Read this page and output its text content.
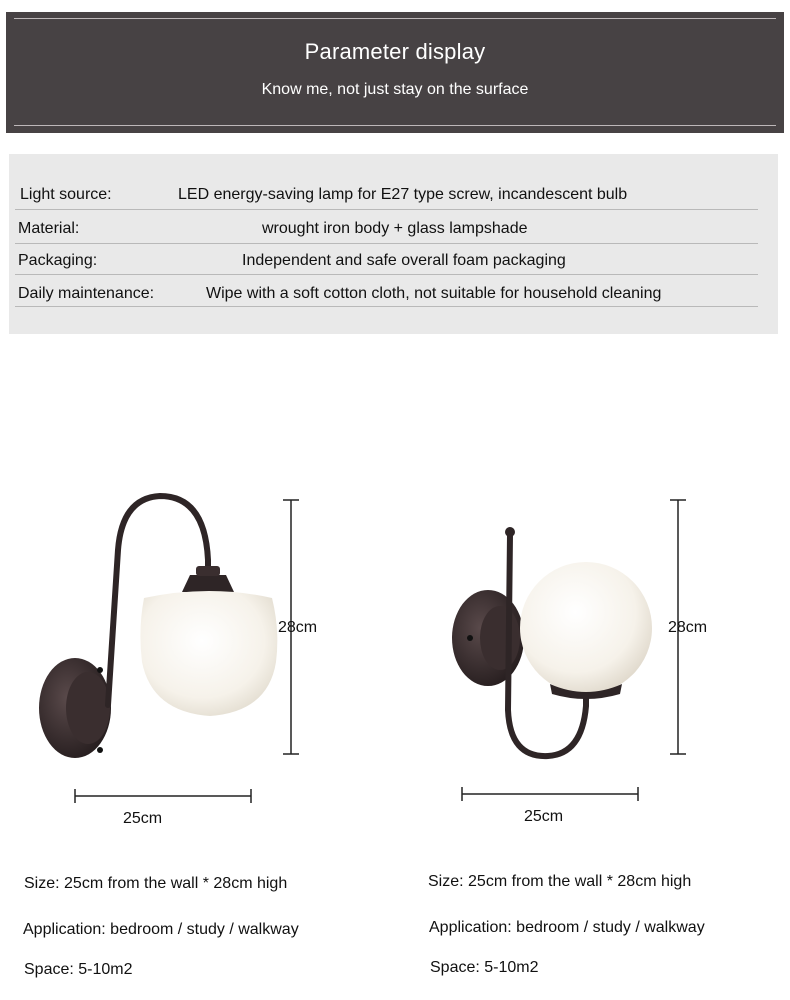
Parameter display
Know me, not just stay on the surface
Light source:	LED energy-saving lamp for E27 type screw, incandescent bulb
Material:	wrought iron body + glass lampshade
Packaging:	Independent and safe overall foam packaging
Daily maintenance:	Wipe with a soft cotton cloth, not suitable for household cleaning
28cm
25cm
28cm
25cm
Size: 25cm from the wall * 28cm high
Application: bedroom / study / walkway
Space: 5-10m2
Size: 25cm from the wall * 28cm high
Application: bedroom / study / walkway
Space: 5-10m2
